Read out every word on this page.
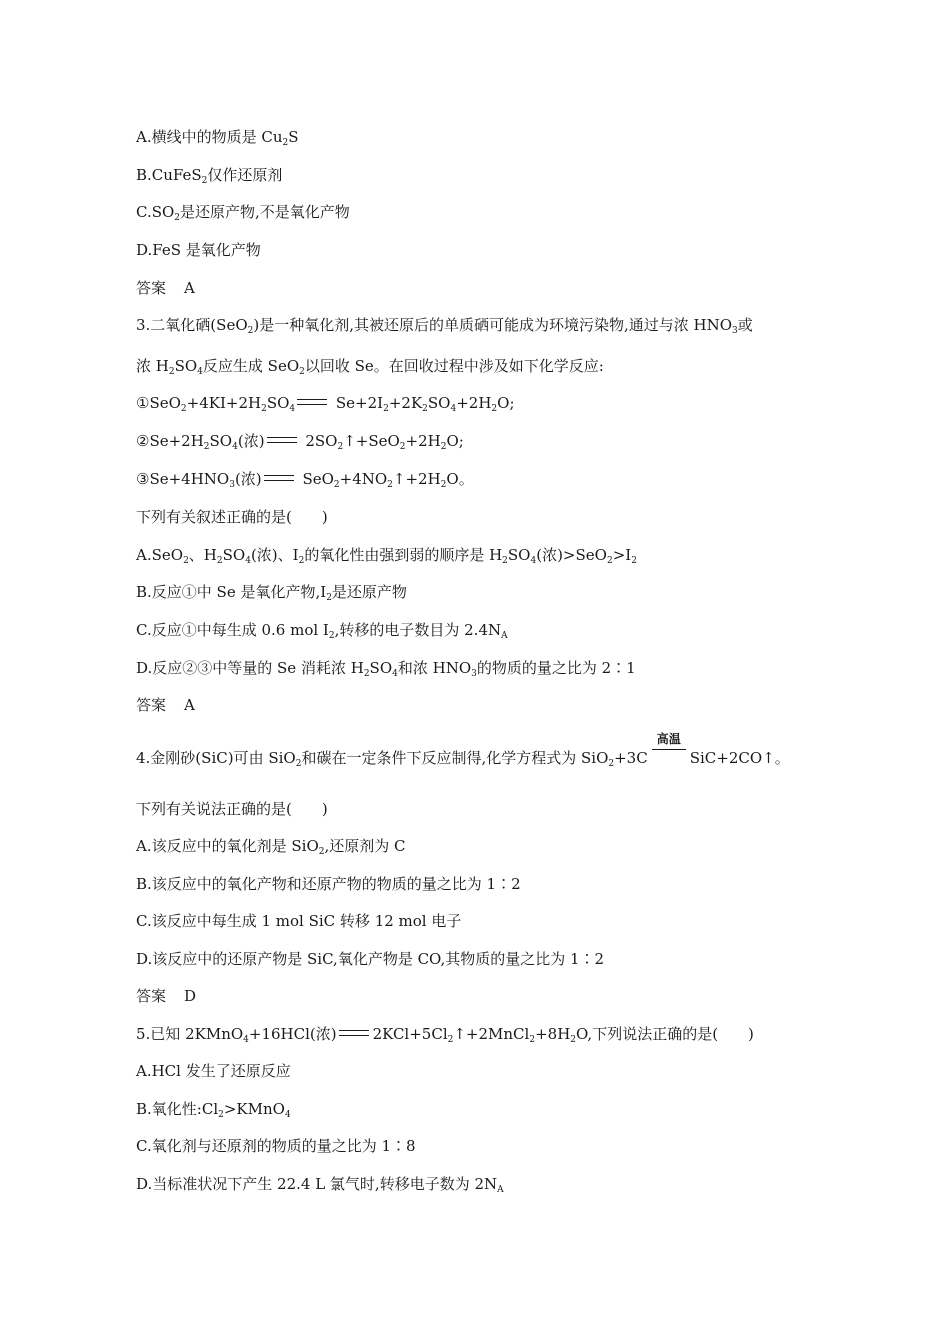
A.横线中的物质是 $Cu_2S$
B.CuFeS$_2$仅作还原剂
$C.SO_2$是还原产物,不是氧化产物
D.FeS 是氧化产物
答案 A
3.二氧化硒(SeO$_2$)是一种氧化剂,其被还原后的单质硒可能成为环境污染物,通过与浓 $HNO_3$或
浓 $H_2SO_4$反应生成 SeO$_2$以回收 Se。在回收过程中涉及如下化学反应:
$①SeO_2+4KI+2H_2SO_4$ $Se+2I_2+2K_2SO_4+2H_2O$;
$②Se+2H_2SO_4$(浓) $2SO_2↑+SeO_2+2H_2O$;
$③Se+4HNO_3$(浓) $SeO_2+4NO_2↑+2H_2O$。
下列有关叙述正确的是(　　)
A.SeO$_2$、$H_2SO_4$(浓)、$I_2$的氧化性由强到弱的顺序是 $H_2SO_4$(浓)$>SeO_2>I_2$
B.反应①中 Se 是氧化产物$,I_2$是还原产物
C.反应①中每生成 0.6 mol $I_2$,转移的电子数目为 $2.4N_A$
D.反应②③中等量的 Se 消耗浓 $H_2SO_4$和浓 $HNO_3$的物质的量之比为 2∶1
答案 A
4.金刚砂(SiC)可由 SiO$_2$和碳在一定条件下反应制得,化学方程式为 SiO$_2$+3C
高温
SiC+2CO↑。
下列有关说法正确的是(　　)
A.该反应中的氧化剂是 SiO$_2$,还原剂为 C
B.该反应中的氧化产物和还原产物的物质的量之比为 1∶2
C.该反应中每生成 1 mol SiC 转移 12 mol 电子
D.该反应中的还原产物是 SiC,氧化产物是 CO,其物质的量之比为 1∶2
答案 D
5.已知 2KMnO$_4$+16HCl(浓) $2KCl+5Cl_2↑+2MnCl_2+8H_2O$,下列说法正确的是(　　)
A.HCl 发生了还原反应
B.氧化性$:Cl_2>KMnO_4$
C.氧化剂与还原剂的物质的量之比为 1∶8
D.当标准状况下产生 22.4 L 氯气时,转移电子数为 $2N_A$
